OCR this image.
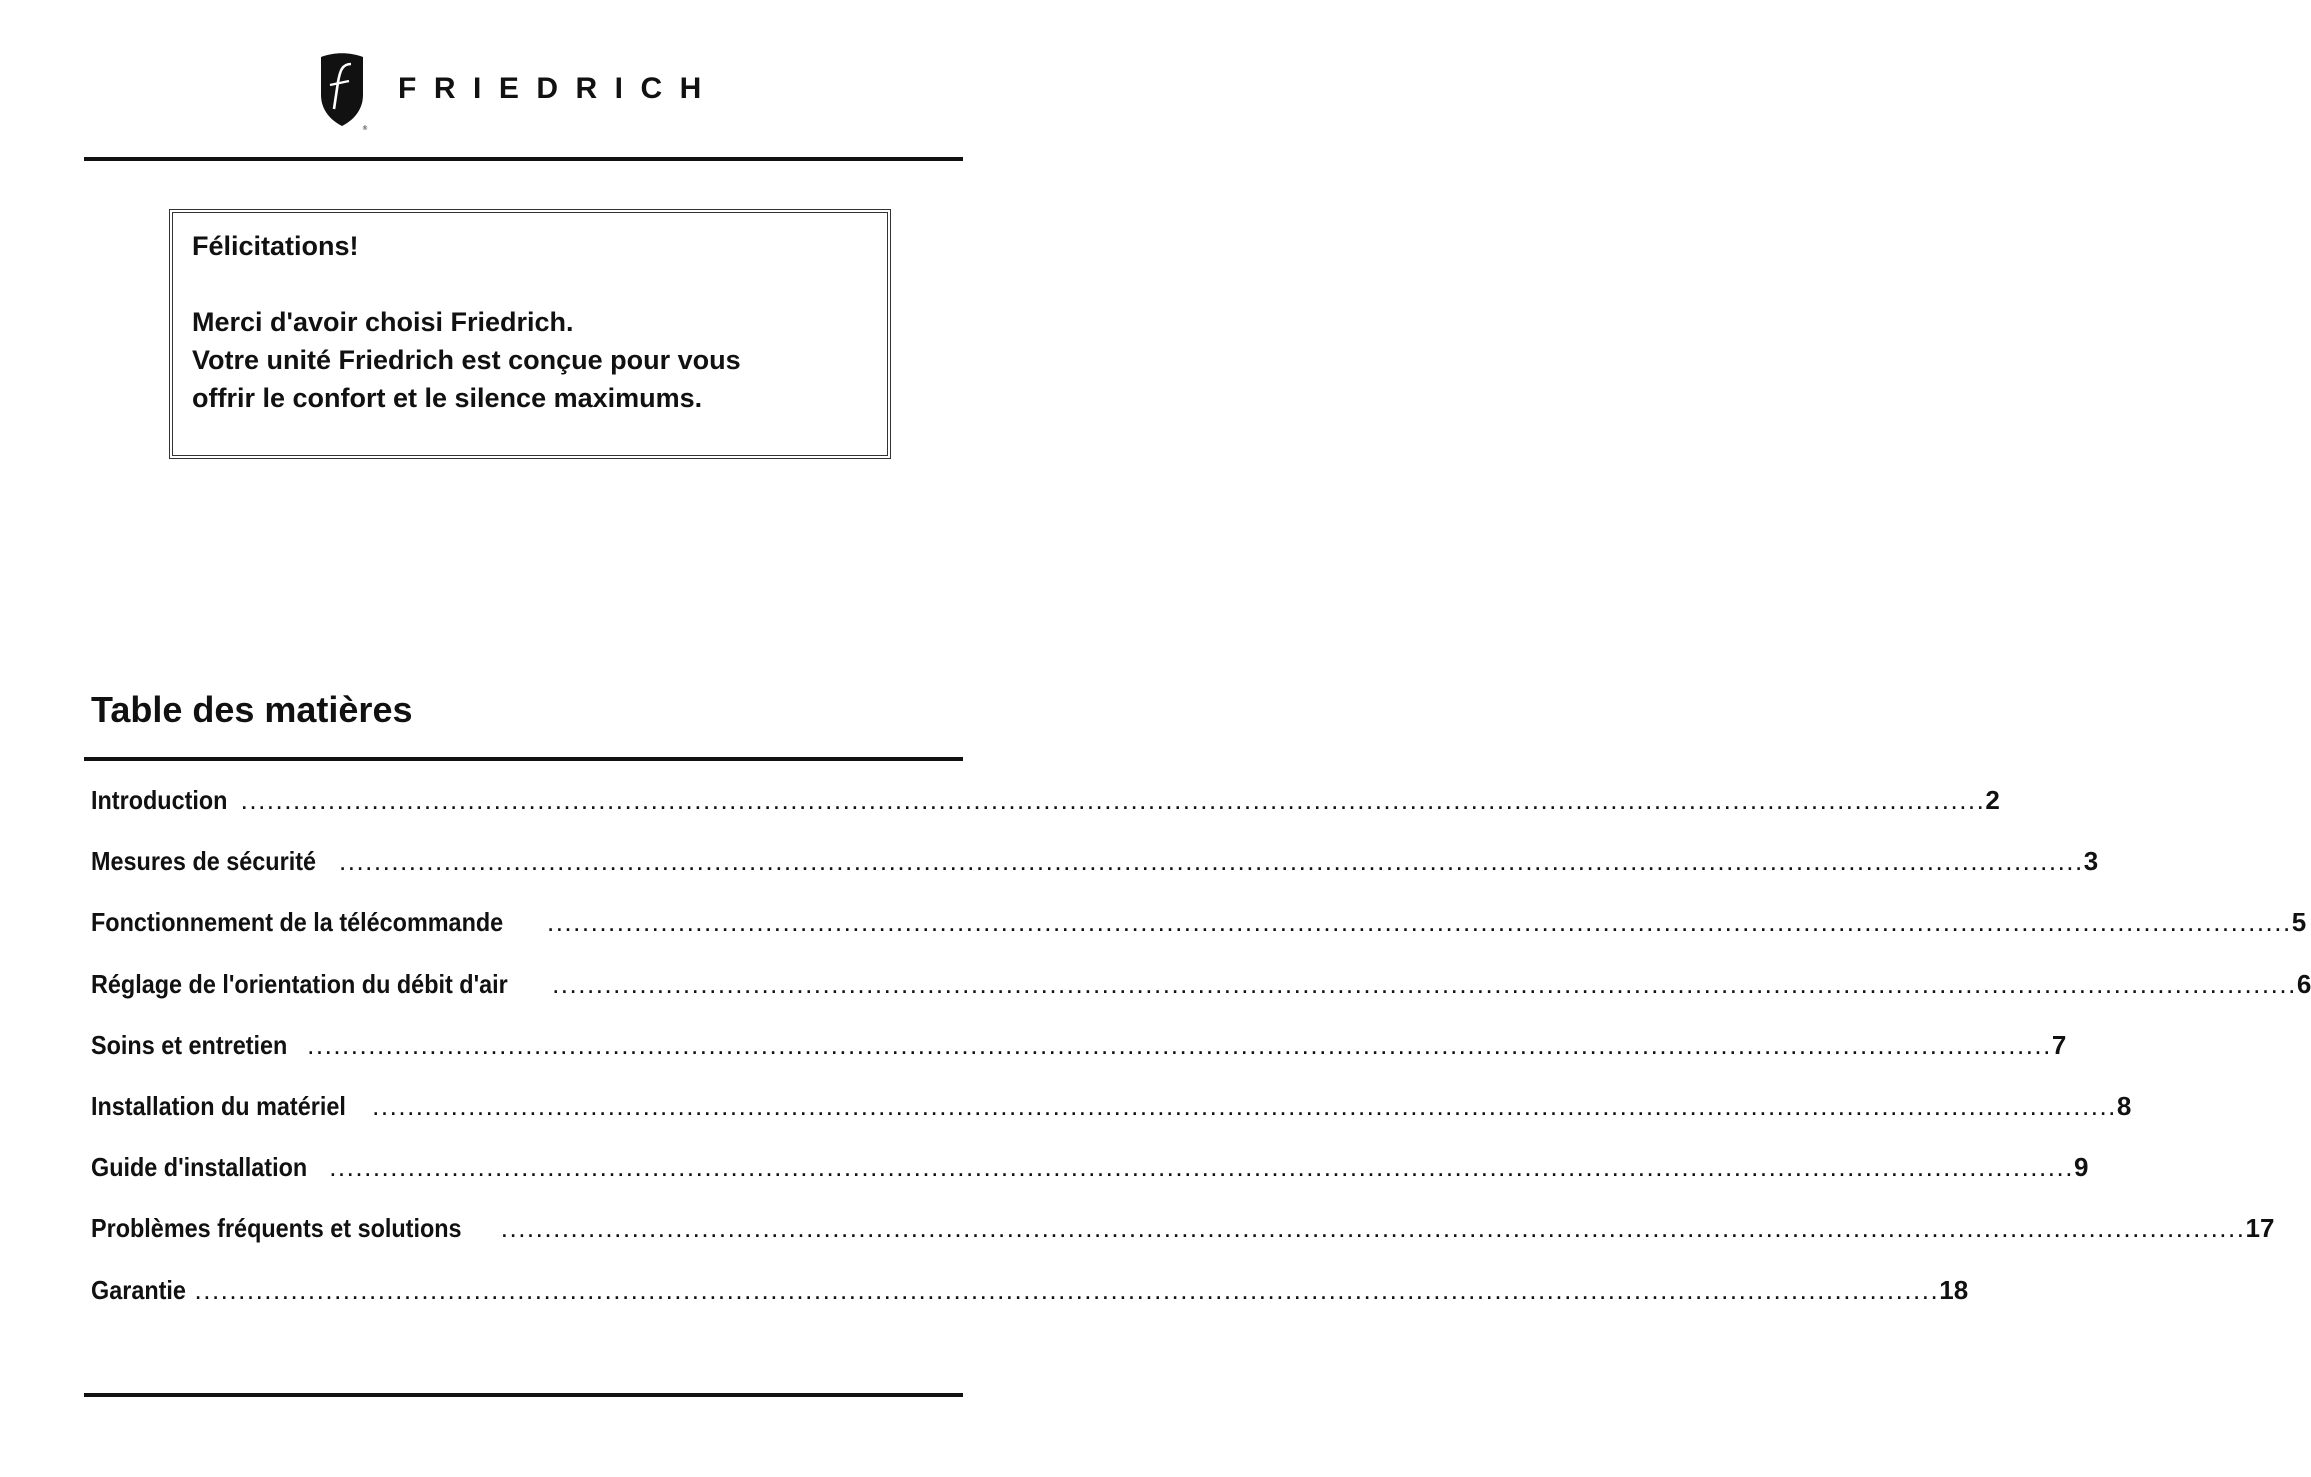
®
FRIEDRICH

Félicitations!

Merci d'avoir choisi Friedrich.
Votre unité Friedrich est conçue pour vous
offrir le confort et le silence maximums.
Table des matières
Introduction .....	2
Mesures de sécurité .....	3
Fonctionnement de la télécommande .....	5
Réglage de l'orientation du débit d'air .....	6
Soins et entretien .....	7
Installation du matériel .....	8
Guide d'installation .....	9
Problèmes fréquents et solutions .....	17
Garantie .....	18
